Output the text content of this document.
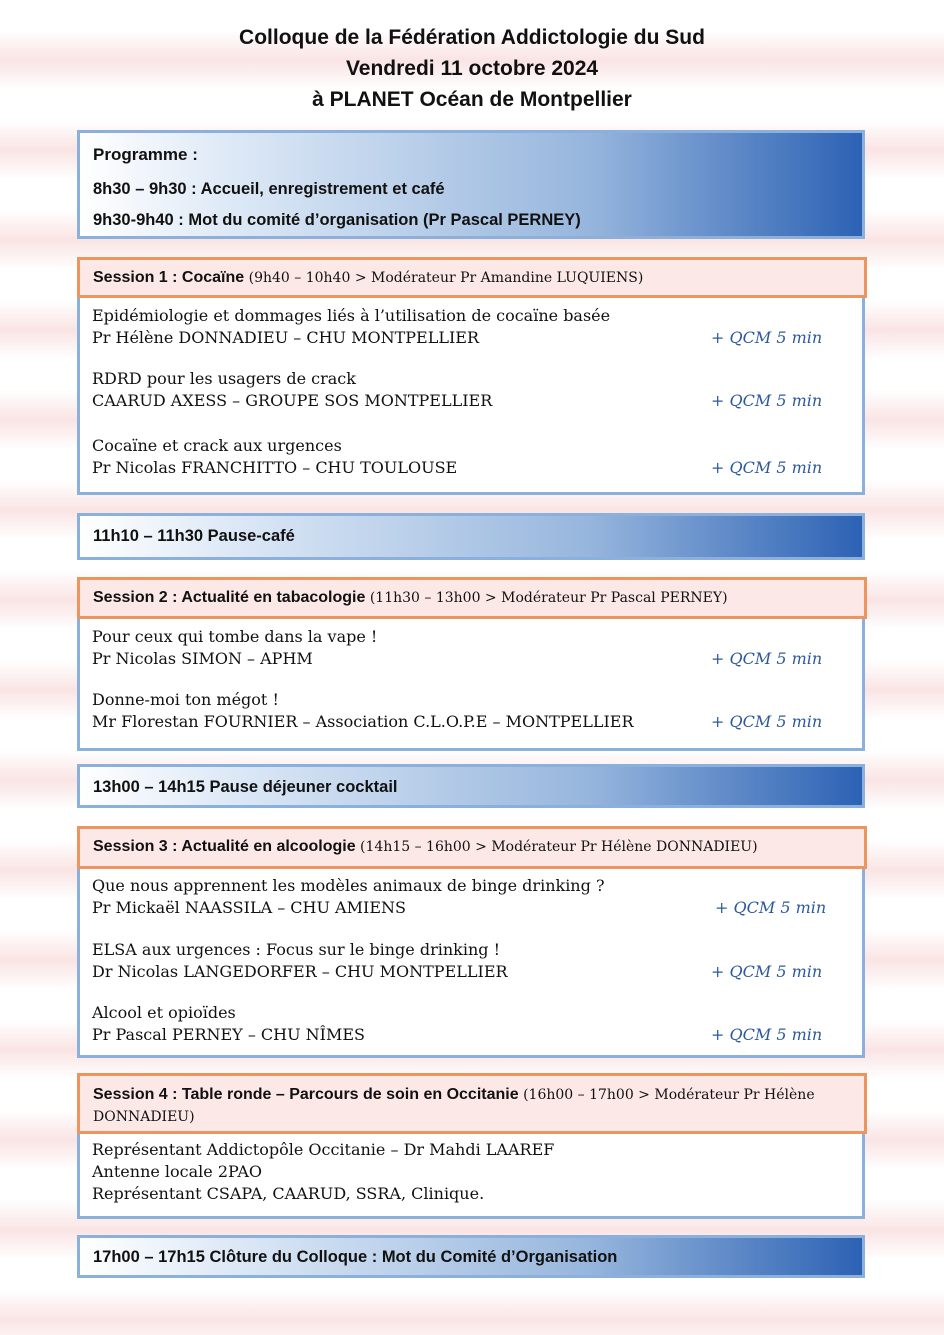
Colloque de la Fédération Addictologie du Sud
Vendredi 11 octobre 2024
à PLANET Océan de Montpellier
Programme :
8h30 – 9h30 : Accueil, enregistrement et café
9h30-9h40 : Mot du comité d’organisation (Pr Pascal PERNEY)
Session 1 : Cocaïne (9h40 – 10h40 > Modérateur Pr Amandine LUQUIENS)
Epidémiologie et dommages liés à l’utilisation de cocaïne basée
Pr Hélène DONNADIEU – CHU MONTPELLIER	+ QCM 5 min
RDRD pour les usagers de crack
CAARUD AXESS – GROUPE SOS MONTPELLIER	+ QCM 5 min
Cocaïne et crack aux urgences
Pr Nicolas FRANCHITTO – CHU TOULOUSE	+ QCM 5 min
11h10 – 11h30 Pause-café
Session 2 : Actualité en tabacologie (11h30 – 13h00 > Modérateur Pr Pascal PERNEY)
Pour ceux qui tombe dans la vape !
Pr Nicolas SIMON – APHM	+ QCM 5 min
Donne-moi ton mégot !
Mr Florestan FOURNIER – Association C.L.O.P.E – MONTPELLIER	+ QCM 5 min
13h00 – 14h15 Pause déjeuner cocktail
Session 3 : Actualité en alcoologie (14h15 – 16h00 > Modérateur Pr Hélène DONNADIEU)
Que nous apprennent les modèles animaux de binge drinking ?
Pr Mickaël NAASSILA – CHU AMIENS	+ QCM 5 min
ELSA aux urgences : Focus sur le binge drinking !
Dr Nicolas LANGEDORFER – CHU MONTPELLIER	+ QCM 5 min
Alcool et opioïdes
Pr Pascal PERNEY – CHU NÎMES	+ QCM 5 min
Session 4 : Table ronde – Parcours de soin en Occitanie (16h00 – 17h00 > Modérateur Pr Hélène DONNADIEU)
Représentant Addictopôle Occitanie – Dr Mahdi LAAREF
Antenne locale 2PAO
Représentant CSAPA, CAARUD, SSRA, Clinique.
17h00 – 17h15 Clôture du Colloque : Mot du Comité d’Organisation
